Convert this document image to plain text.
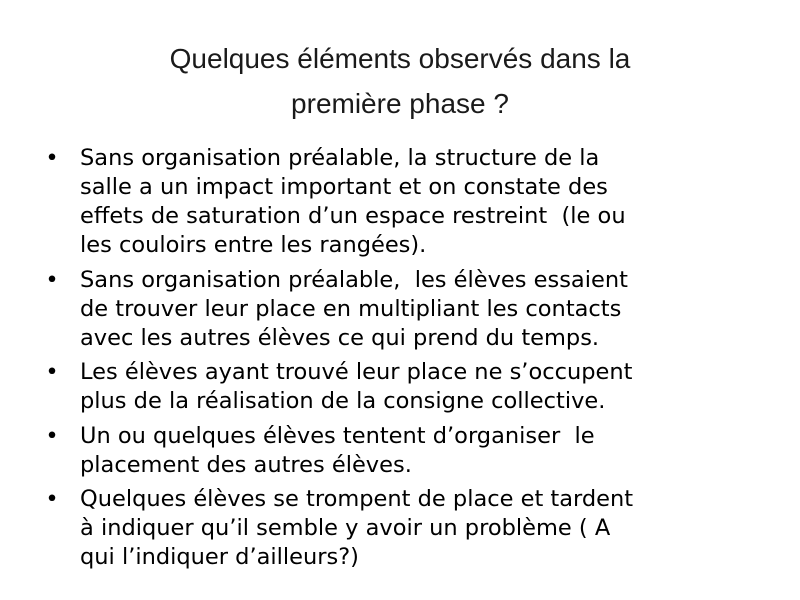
Quelques éléments observés dans la
première phase ?
• Sans organisation préalable, la structure de la
salle a un impact important et on constate des
effets de saturation d’un espace restreint  (le ou
les couloirs entre les rangées).
• Sans organisation préalable,  les élèves essaient
de trouver leur place en multipliant les contacts
avec les autres élèves ce qui prend du temps.
• Les élèves ayant trouvé leur place ne s’occupent
plus de la réalisation de la consigne collective.
• Un ou quelques élèves tentent d’organiser  le
placement des autres élèves.
• Quelques élèves se trompent de place et tardent
à indiquer qu’il semble y avoir un problème ( A
qui l’indiquer d’ailleurs?)
